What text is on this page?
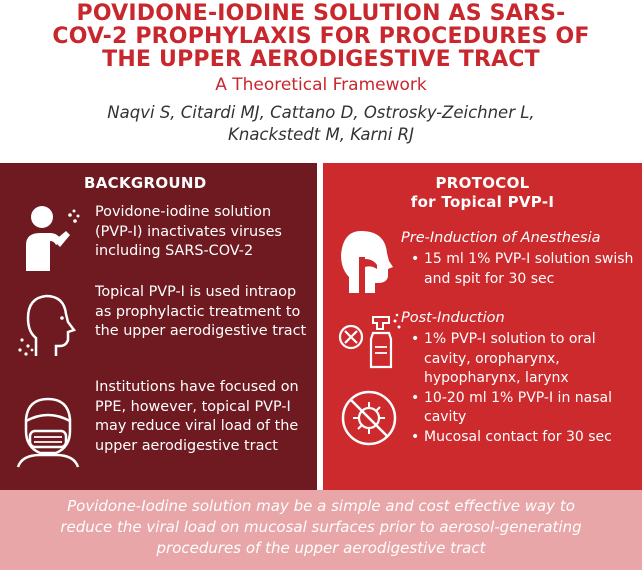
POVIDONE-IODINE SOLUTION AS SARS-
COV-2 PROPHYLAXIS FOR PROCEDURES OF
THE UPPER AERODIGESTIVE TRACT
A Theoretical Framework
Naqvi S, Citardi MJ, Cattano D, Ostrosky-Zeichner L,
Knackstedt M, Karni RJ
BACKGROUND
Povidone-iodine solution (PVP-I) inactivates viruses including SARS-COV-2
Topical PVP-I is used intraop as prophylactic treatment to the upper aerodigestive tract
Institutions have focused on PPE, however, topical PVP-I may reduce viral load of the upper aerodigestive tract
PROTOCOL
for Topical PVP-I
Pre-Induction of Anesthesia
• 15 ml 1% PVP-I solution swish and spit for 30 sec
Post-Induction
• 1% PVP-I solution to oral cavity, oropharynx, hypopharynx, larynx
• 10-20 ml 1% PVP-I in nasal cavity
• Mucosal contact for 30 sec
Povidone-Iodine solution may be a simple and cost effective way to
reduce the viral load on mucosal surfaces prior to aerosol-generating
procedures of the upper aerodigestive tract
